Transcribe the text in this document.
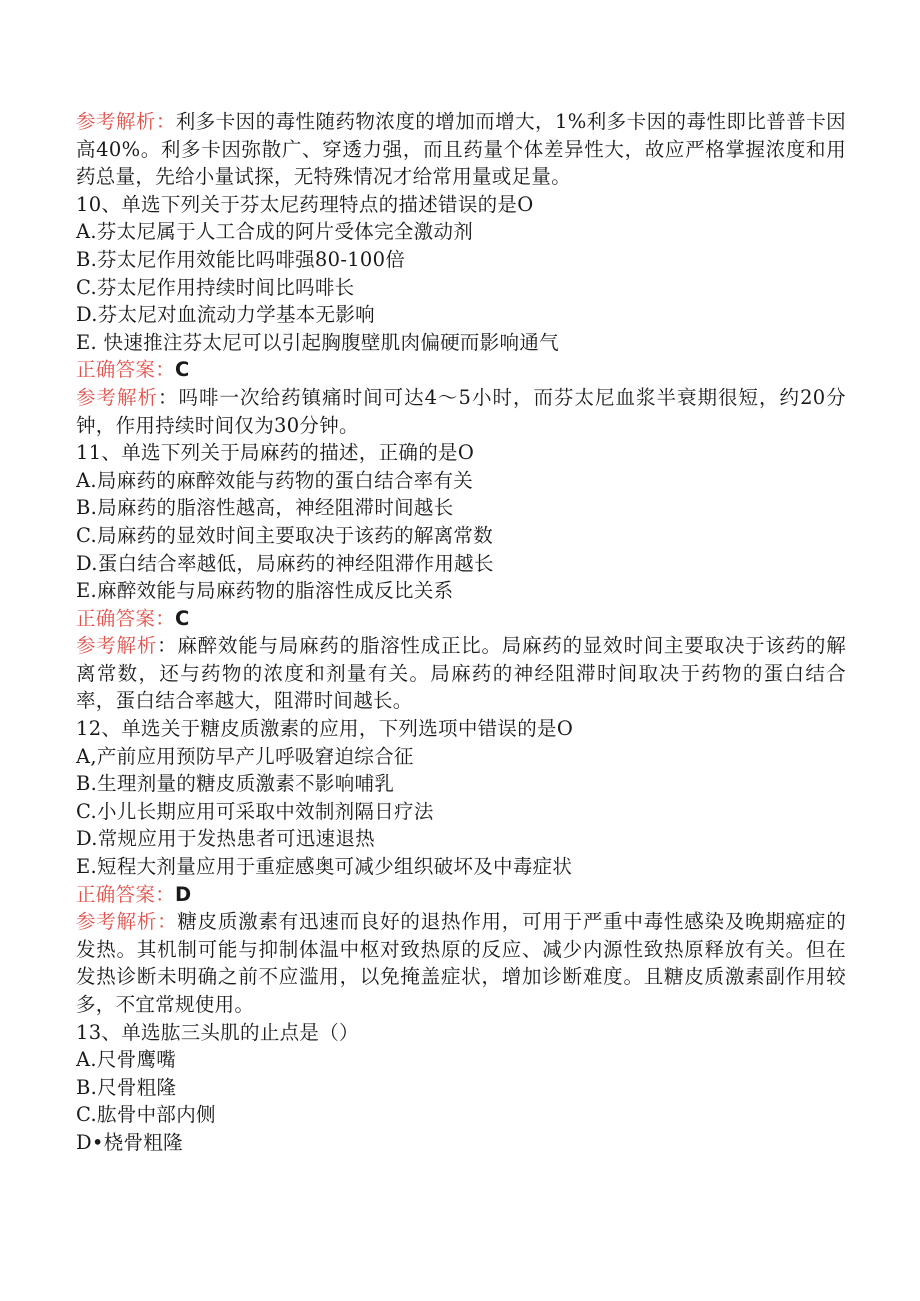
参考解析：利多卡因的毒性随药物浓度的增加而增大，1%利多卡因的毒性即比普普卡因高40%。利多卡因弥散广、穿透力强，而且药量个体差异性大，故应严格掌握浓度和用药总量，先给小量试探，无特殊情况才给常用量或足量。
10、单选下列关于芬太尼药理特点的描述错误的是O
A.芬太尼属于人工合成的阿片受体完全激动剂
B.芬太尼作用效能比吗啡强80-100倍
C.芬太尼作用持续时间比吗啡长
D.芬太尼对血流动力学基本无影响
E. 快速推注芬太尼可以引起胸腹壁肌肉偏硬而影响通气
正确答案：C
参考解析：吗啡一次给药镇痛时间可达4〜5小时，而芬太尼血浆半衰期很短，约20分钟，作用持续时间仅为30分钟。
11、单选下列关于局麻药的描述，正确的是O
A.局麻药的麻醉效能与药物的蛋白结合率有关
B.局麻药的脂溶性越高，神经阻滞时间越长
C.局麻药的显效时间主要取决于该药的解离常数
D.蛋白结合率越低，局麻药的神经阻滞作用越长
E.麻醉效能与局麻药物的脂溶性成反比关系
正确答案：C
参考解析：麻醉效能与局麻药的脂溶性成正比。局麻药的显效时间主要取决于该药的解离常数，还与药物的浓度和剂量有关。局麻药的神经阻滞时间取决于药物的蛋白结合率，蛋白结合率越大，阻滞时间越长。
12、单选关于糖皮质激素的应用，下列选项中错误的是O
A,产前应用预防早产儿呼吸窘迫综合征
B.生理剂量的糖皮质激素不影响哺乳
C.小儿长期应用可采取中效制剂隔日疗法
D.常规应用于发热患者可迅速退热
E.短程大剂量应用于重症感奥可减少组织破坏及中毒症状
正确答案：D
参考解析：糖皮质激素有迅速而良好的退热作用，可用于严重中毒性感染及晚期癌症的发热。其机制可能与抑制体温中枢对致热原的反应、减少内源性致热原释放有关。但在发热诊断未明确之前不应滥用，以免掩盖症状，增加诊断难度。且糖皮质激素副作用较多，不宜常规使用。
13、单选肱三头肌的止点是（）
A.尺骨鹰嘴
B.尺骨粗隆
C.肱骨中部内侧
D•桡骨粗隆
